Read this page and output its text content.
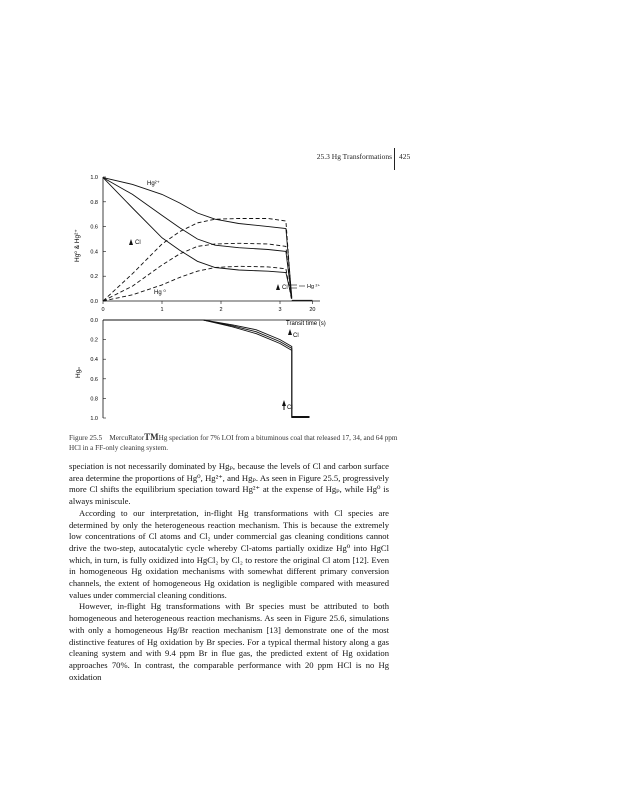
25.3 Hg Transformations 425
1.0
0.8
0.6
0.4
0.2
0.0
0	1	2	3	20
Hg²⁺
Cl
Cl	Hg ²⁺
Hg ⁰
Transit time (s)
Hg⁰ & Hg²⁺
0.0
0.2
0.4
0.6
0.8
1.0
Cl
Cl
Hgₚ
Figure 25.5 MercuRatorTMHg speciation for 7% LOI from a bituminous coal that released 17, 34, and 64 ppm HCl in a FF-only cleaning system.

speciation is not necessarily dominated by Hgₚ, because the levels of Cl and carbon surface area determine the proportions of Hg⁰, Hg²⁺, and Hgₚ. As seen in Figure 25.5, progressively more Cl shifts the equilibrium speciation toward Hg²⁺ at the expense of Hgₚ, while Hg⁰ is always miniscule.

According to our interpretation, in-flight Hg transformations with Cl species are determined by only the heterogeneous reaction mechanism. This is because the extremely low concentrations of Cl atoms and Cl₂ under commercial gas cleaning conditions cannot drive the two-step, autocatalytic cycle whereby Cl-atoms partially oxidize Hg⁰ into HgCl which, in turn, is fully oxidized into HgCl₂ by Cl₂ to restore the original Cl atom [12]. Even in homogeneous Hg oxidation mechanisms with somewhat different primary conversion channels, the extent of homogeneous Hg oxidation is negligible compared with measured values under commercial cleaning conditions.

However, in-flight Hg transformations with Br species must be attributed to both homogeneous and heterogeneous reaction mechanisms. As seen in Figure 25.6, simulations with only a homogeneous Hg/Br reaction mechanism [13] demonstrate one of the most distinctive features of Hg oxidation by Br species. For a typical thermal history along a gas cleaning system and with 9.4 ppm Br in flue gas, the predicted extent of Hg oxidation approaches 70%. In contrast, the comparable performance with 20 ppm HCl is no Hg oxidation
